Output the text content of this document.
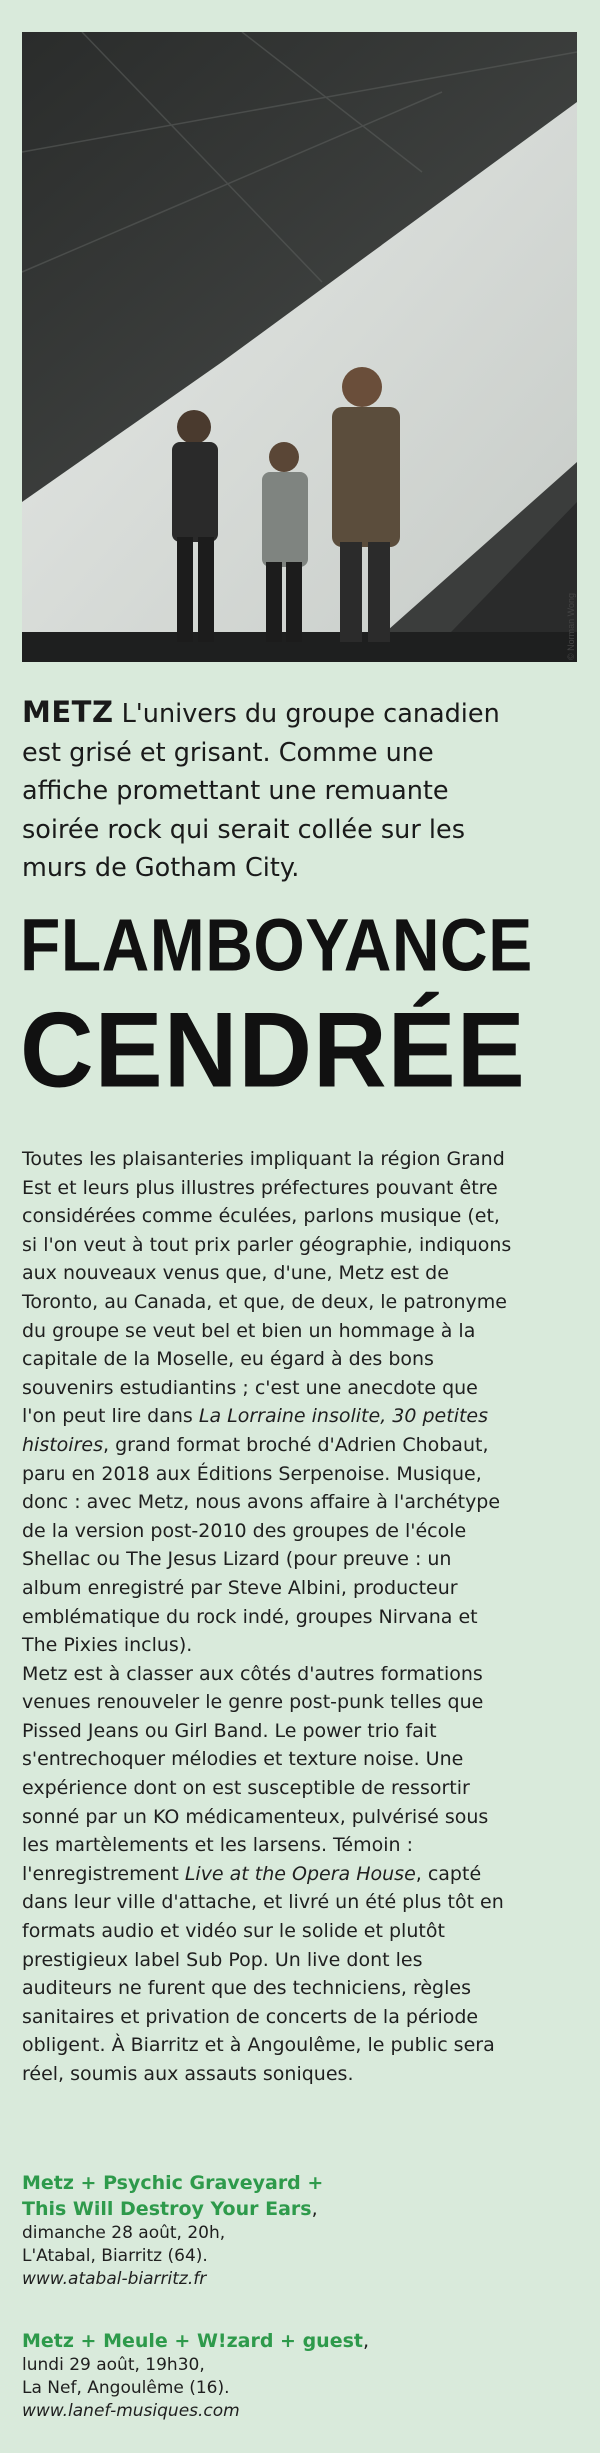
© Norman Wong
METZ L'univers du groupe canadien est grisé et grisant. Comme une affiche promettant une remuante soirée rock qui serait collée sur les murs de Gotham City.
FLAMBOYANCE
CENDRÉE

Toutes les plaisanteries impliquant la région Grand Est et leurs plus illustres préfectures pouvant être considérées comme éculées, parlons musique (et, si l'on veut à tout prix parler géographie, indiquons aux nouveaux venus que, d'une, Metz est de Toronto, au Canada, et que, de deux, le patronyme du groupe se veut bel et bien un hommage à la capitale de la Moselle, eu égard à des bons souvenirs estudiantins ; c'est une anecdote que l'on peut lire dans La Lorraine insolite, 30 petites histoires, grand format broché d'Adrien Chobaut, paru en 2018 aux Éditions Serpenoise. Musique, donc : avec Metz, nous avons affaire à l'archétype de la version post-2010 des groupes de l'école Shellac ou The Jesus Lizard (pour preuve : un album enregistré par Steve Albini, producteur emblématique du rock indé, groupes Nirvana et The Pixies inclus).

Metz est à classer aux côtés d'autres formations venues renouveler le genre post-punk telles que Pissed Jeans ou Girl Band. Le power trio fait s'entrechoquer mélodies et texture noise. Une expérience dont on est susceptible de ressortir sonné par un KO médicamenteux, pulvérisé sous les martèlements et les larsens. Témoin : l'enregistrement Live at the Opera House, capté dans leur ville d'attache, et livré un été plus tôt en formats audio et vidéo sur le solide et plutôt prestigieux label Sub Pop. Un live dont les auditeurs ne furent que des techniciens, règles sanitaires et privation de concerts de la période obligent. À Biarritz et à Angoulême, le public sera réel, soumis aux assauts soniques.

Metz + Psychic Graveyard +
This Will Destroy Your Ears,
dimanche 28 août, 20h,
L'Atabal, Biarritz (64).
www.atabal-biarritz.fr
Metz + Meule + W!zard + guest,
lundi 29 août, 19h30,
La Nef, Angoulême (16).
www.lanef-musiques.com
